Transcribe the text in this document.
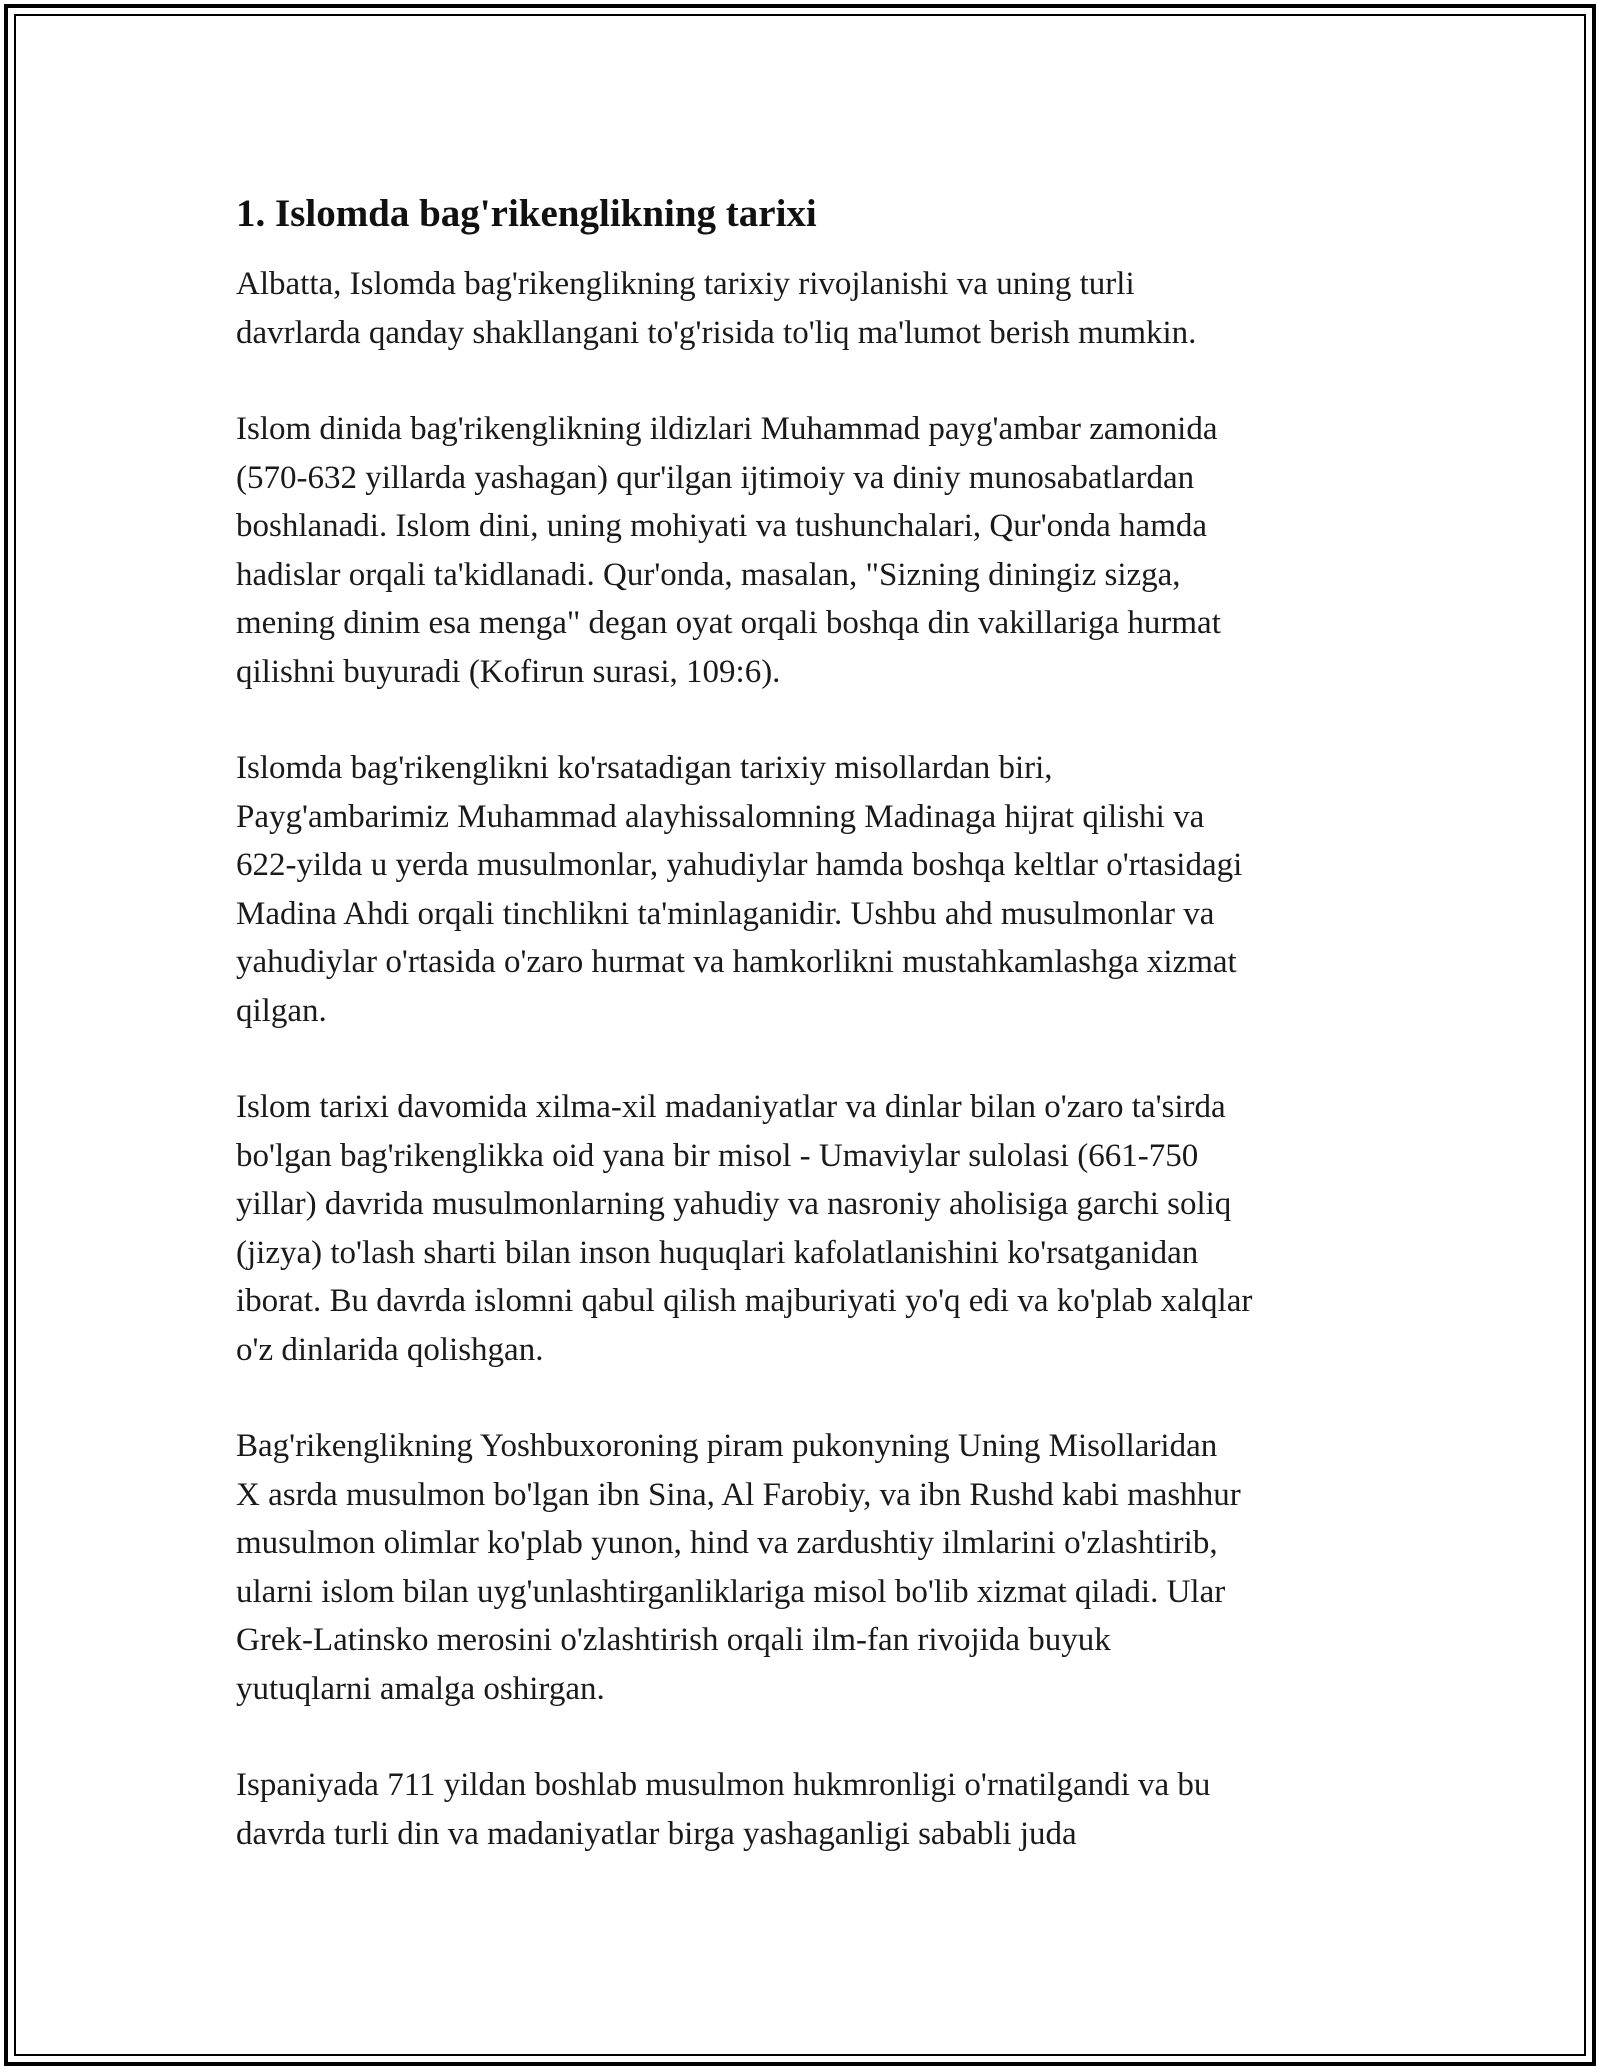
1. Islomda bag'rikenglikning tarixi

Albatta, Islomda bag'rikenglikning tarixiy rivojlanishi va uning turli
davrlarda qanday shakllangani to'g'risida to'liq ma'lumot berish mumkin.

Islom dinida bag'rikenglikning ildizlari Muhammad payg'ambar zamonida
(570-632 yillarda yashagan) qur'ilgan ijtimoiy va diniy munosabatlardan
boshlanadi. Islom dini, uning mohiyati va tushunchalari, Qur'onda hamda
hadislar orqali ta'kidlanadi. Qur'onda, masalan, "Sizning diningiz sizga,
mening dinim esa menga" degan oyat orqali boshqa din vakillariga hurmat
qilishni buyuradi (Kofirun surasi, 109:6).

Islomda bag'rikenglikni ko'rsatadigan tarixiy misollardan biri,
Payg'ambarimiz Muhammad alayhissalomning Madinaga hijrat qilishi va
622-yilda u yerda musulmonlar, yahudiylar hamda boshqa keltlar o'rtasidagi
Madina Ahdi orqali tinchlikni ta'minlaganidir. Ushbu ahd musulmonlar va
yahudiylar o'rtasida o'zaro hurmat va hamkorlikni mustahkamlashga xizmat
qilgan.

Islom tarixi davomida xilma-xil madaniyatlar va dinlar bilan o'zaro ta'sirda
bo'lgan bag'rikenglikka oid yana bir misol - Umaviylar sulolasi (661-750
yillar) davrida musulmonlarning yahudiy va nasroniy aholisiga garchi soliq
(jizya) to'lash sharti bilan inson huquqlari kafolatlanishini ko'rsatganidan
iborat. Bu davrda islomni qabul qilish majburiyati yo'q edi va ko'plab xalqlar
o'z dinlarida qolishgan.

Bag'rikenglikning Yoshbuxoroning piram pukonyning Uning Misollaridan
X asrda musulmon bo'lgan ibn Sina, Al Farobiy, va ibn Rushd kabi mashhur
musulmon olimlar ko'plab yunon, hind va zardushtiy ilmlarini o'zlashtirib,
ularni islom bilan uyg'unlashtirganliklariga misol bo'lib xizmat qiladi. Ular
Grek-Latinsko merosini o'zlashtirish orqali ilm-fan rivojida buyuk
yutuqlarni amalga oshirgan.

Ispaniyada 711 yildan boshlab musulmon hukmronligi o'rnatilgandi va bu
davrda turli din va madaniyatlar birga yashaganligi sababli juda
